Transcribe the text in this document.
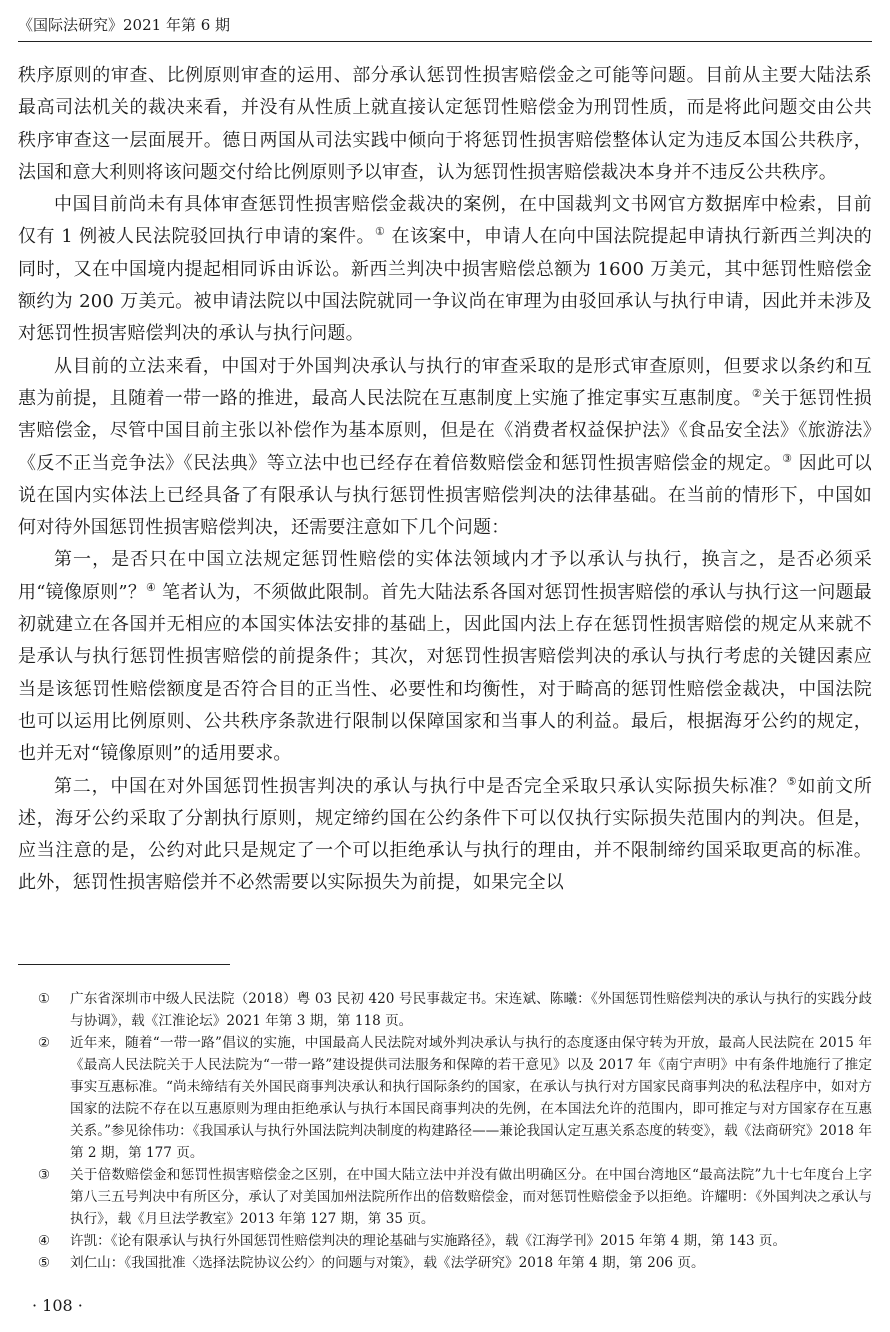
《国际法研究》2021 年第 6 期

秩序原则的审查、比例原则审查的运用、部分承认惩罚性损害赔偿金之可能等问题。目前从主要大陆法系最高司法机关的裁决来看，并没有从性质上就直接认定惩罚性赔偿金为刑罚性质，而是将此问题交由公共秩序审查这一层面展开。德日两国从司法实践中倾向于将惩罚性损害赔偿整体认定为违反本国公共秩序，法国和意大利则将该问题交付给比例原则予以审查，认为惩罚性损害赔偿裁决本身并不违反公共秩序。

中国目前尚未有具体审查惩罚性损害赔偿金裁决的案例，在中国裁判文书网官方数据库中检索，目前仅有 1 例被人民法院驳回执行申请的案件。① 在该案中，申请人在向中国法院提起申请执行新西兰判决的同时，又在中国境内提起相同诉由诉讼。新西兰判决中损害赔偿总额为 1600 万美元，其中惩罚性赔偿金额约为 200 万美元。被申请法院以中国法院就同一争议尚在审理为由驳回承认与执行申请，因此并未涉及对惩罚性损害赔偿判决的承认与执行问题。

从目前的立法来看，中国对于外国判决承认与执行的审查采取的是形式审查原则，但要求以条约和互惠为前提，且随着一带一路的推进，最高人民法院在互惠制度上实施了推定事实互惠制度。②关于惩罚性损害赔偿金，尽管中国目前主张以补偿作为基本原则，但是在《消费者权益保护法》《食品安全法》《旅游法》《反不正当竞争法》《民法典》等立法中也已经存在着倍数赔偿金和惩罚性损害赔偿金的规定。③ 因此可以说在国内实体法上已经具备了有限承认与执行惩罚性损害赔偿判决的法律基础。在当前的情形下，中国如何对待外国惩罚性损害赔偿判决，还需要注意如下几个问题：

第一，是否只在中国立法规定惩罚性赔偿的实体法领域内才予以承认与执行，换言之，是否必须采用“镜像原则”？④ 笔者认为，不须做此限制。首先大陆法系各国对惩罚性损害赔偿的承认与执行这一问题最初就建立在各国并无相应的本国实体法安排的基础上，因此国内法上存在惩罚性损害赔偿的规定从来就不是承认与执行惩罚性损害赔偿的前提条件；其次，对惩罚性损害赔偿判决的承认与执行考虑的关键因素应当是该惩罚性赔偿额度是否符合目的正当性、必要性和均衡性，对于畸高的惩罚性赔偿金裁决，中国法院也可以运用比例原则、公共秩序条款进行限制以保障国家和当事人的利益。最后，根据海牙公约的规定，也并无对“镜像原则”的适用要求。

第二，中国在对外国惩罚性损害判决的承认与执行中是否完全采取只承认实际损失标准？⑤如前文所述，海牙公约采取了分割执行原则，规定缔约国在公约条件下可以仅执行实际损失范围内的判决。但是，应当注意的是，公约对此只是规定了一个可以拒绝承认与执行的理由，并不限制缔约国采取更高的标准。此外，惩罚性损害赔偿并不必然需要以实际损失为前提，如果完全以

①	广东省深圳市中级人民法院（2018）粤 03 民初 420 号民事裁定书。宋连斌、陈曦：《外国惩罚性赔偿判决的承认与执行的实践分歧与协调》，载《江淮论坛》2021 年第 3 期，第 118 页。
②	近年来，随着“一带一路”倡议的实施，中国最高人民法院对域外判决承认与执行的态度逐由保守转为开放，最高人民法院在 2015 年《最高人民法院关于人民法院为“一带一路”建设提供司法服务和保障的若干意见》以及 2017 年《南宁声明》中有条件地施行了推定事实互惠标准。“尚未缔结有关外国民商事判决承认和执行国际条约的国家，在承认与执行对方国家民商事判决的私法程序中，如对方国家的法院不存在以互惠原则为理由拒绝承认与执行本国民商事判决的先例，在本国法允许的范围内，即可推定与对方国家存在互惠关系。”参见徐伟功：《我国承认与执行外国法院判决制度的构建路径——兼论我国认定互惠关系态度的转变》，载《法商研究》2018 年第 2 期，第 177 页。
③	关于倍数赔偿金和惩罚性损害赔偿金之区别，在中国大陆立法中并没有做出明确区分。在中国台湾地区“最高法院”九十七年度台上字第八三五号判决中有所区分，承认了对美国加州法院所作出的倍数赔偿金，而对惩罚性赔偿金予以拒绝。许耀明：《外国判决之承认与执行》，载《月旦法学教室》2013 年第 127 期，第 35 页。
④	许凯：《论有限承认与执行外国惩罚性赔偿判决的理论基础与实施路径》，载《江海学刊》2015 年第 4 期，第 143 页。
⑤	刘仁山：《我国批准〈选择法院协议公约〉的问题与对策》，载《法学研究》2018 年第 4 期，第 206 页。
· 108 ·
